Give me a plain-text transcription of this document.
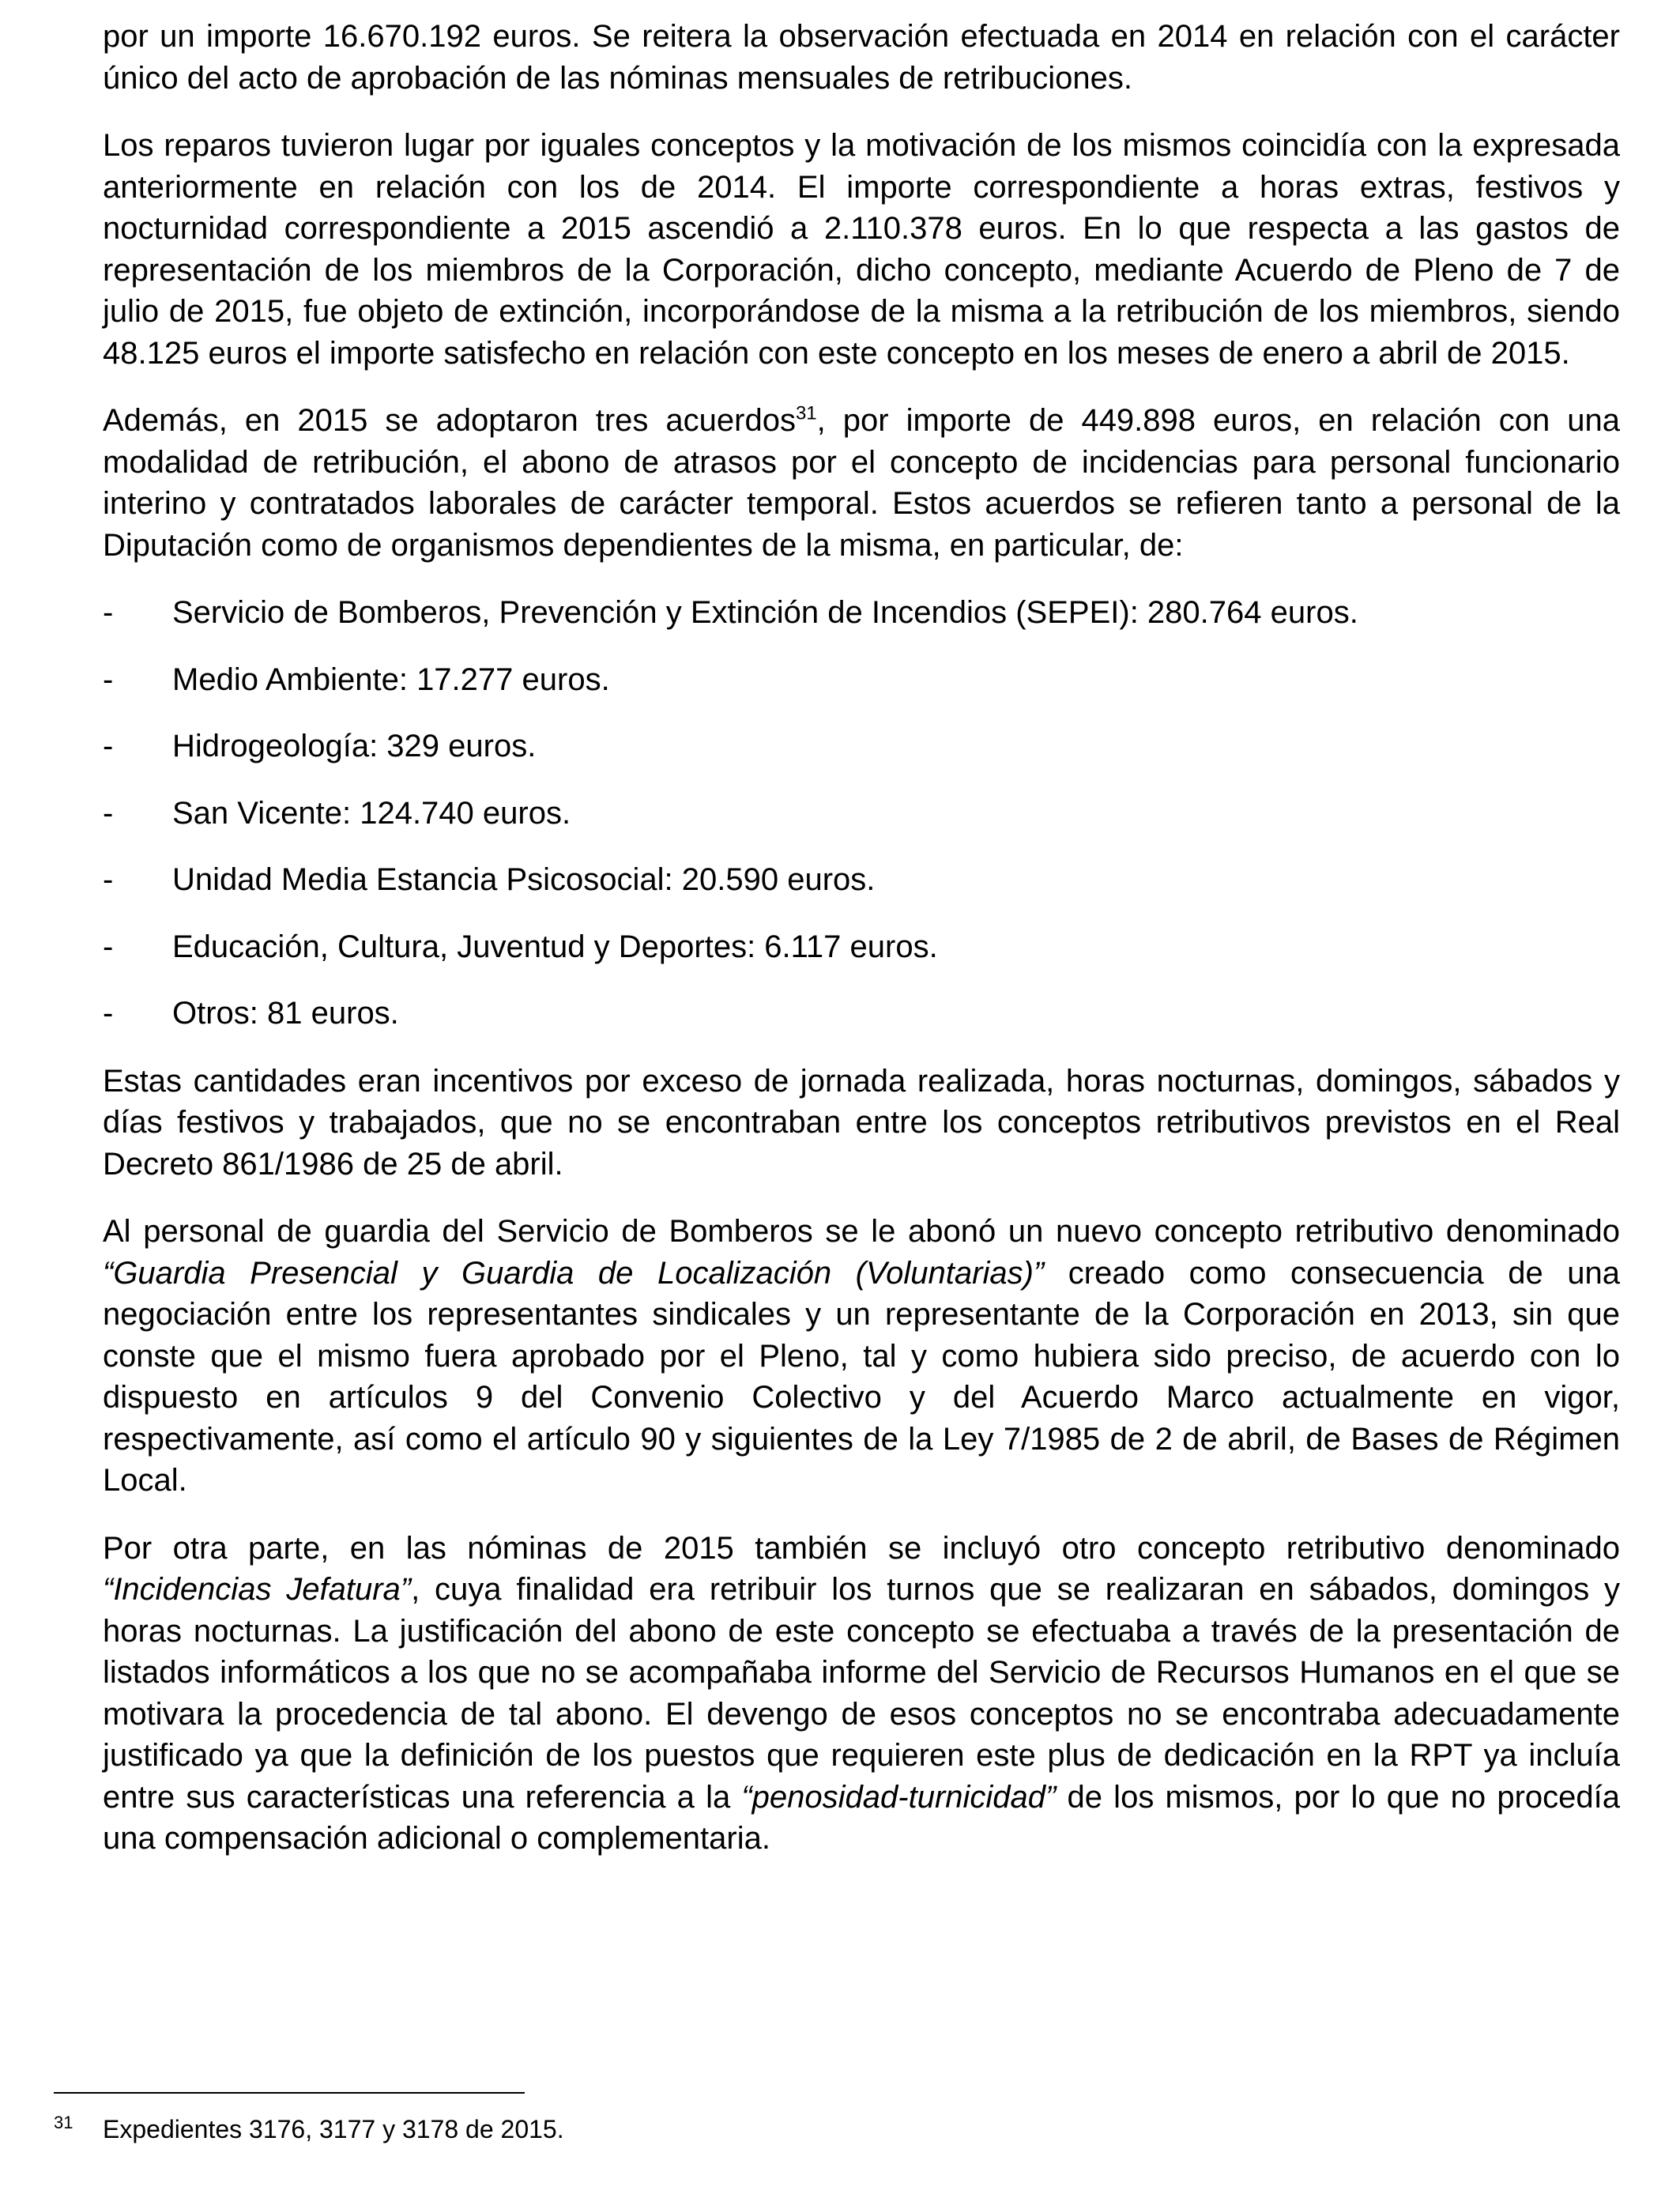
por un importe 16.670.192 euros. Se reitera la observación efectuada en 2014 en relación con el carácter único del acto de aprobación de las nóminas mensuales de retribuciones.

Los reparos tuvieron lugar por iguales conceptos y la motivación de los mismos coincidía con la expresada anteriormente en relación con los de 2014. El importe correspondiente a horas extras, festivos y nocturnidad correspondiente a 2015 ascendió a 2.110.378 euros. En lo que respecta a las gastos de representación de los miembros de la Corporación, dicho concepto, mediante Acuerdo de Pleno de 7 de julio de 2015, fue objeto de extinción, incorporándose de la misma a la retribución de los miembros, siendo 48.125 euros el importe satisfecho en relación con este concepto en los meses de enero a abril de 2015.

Además, en 2015 se adoptaron tres acuerdos$^{31}$, por importe de 449.898 euros, en relación con una modalidad de retribución, el abono de atrasos por el concepto de incidencias para personal funcionario interino y contratados laborales de carácter temporal. Estos acuerdos se refieren tanto a personal de la Diputación como de organismos dependientes de la misma, en particular, de:

- Servicio de Bomberos, Prevención y Extinción de Incendios (SEPEI): 280.764 euros.
- Medio Ambiente: 17.277 euros.
- Hidrogeología: 329 euros.
- San Vicente: 124.740 euros.
- Unidad Media Estancia Psicosocial: 20.590 euros.
- Educación, Cultura, Juventud y Deportes: 6.117 euros.
- Otros: 81 euros.

Estas cantidades eran incentivos por exceso de jornada realizada, horas nocturnas, domingos, sábados y días festivos y trabajados, que no se encontraban entre los conceptos retributivos previstos en el Real Decreto 861/1986 de 25 de abril.

Al personal de guardia del Servicio de Bomberos se le abonó un nuevo concepto retributivo denominado “Guardia Presencial y Guardia de Localización (Voluntarias)” creado como consecuencia de una negociación entre los representantes sindicales y un representante de la Corporación en 2013, sin que conste que el mismo fuera aprobado por el Pleno, tal y como hubiera sido preciso, de acuerdo con lo dispuesto en artículos 9 del Convenio Colectivo y del Acuerdo Marco actualmente en vigor, respectivamente, así como el artículo 90 y siguientes de la Ley 7/1985 de 2 de abril, de Bases de Régimen Local.

Por otra parte, en las nóminas de 2015 también se incluyó otro concepto retributivo denominado “Incidencias Jefatura”, cuya finalidad era retribuir los turnos que se realizaran en sábados, domingos y horas nocturnas. La justificación del abono de este concepto se efectuaba a través de la presentación de listados informáticos a los que no se acompañaba informe del Servicio de Recursos Humanos en el que se motivara la procedencia de tal abono. El devengo de esos conceptos no se encontraba adecuadamente justificado ya que la definición de los puestos que requieren este plus de dedicación en la RPT ya incluía entre sus características una referencia a la “penosidad-turnicidad” de los mismos, por lo que no procedía una compensación adicional o complementaria.

31 Expedientes 3176, 3177 y 3178 de 2015.
